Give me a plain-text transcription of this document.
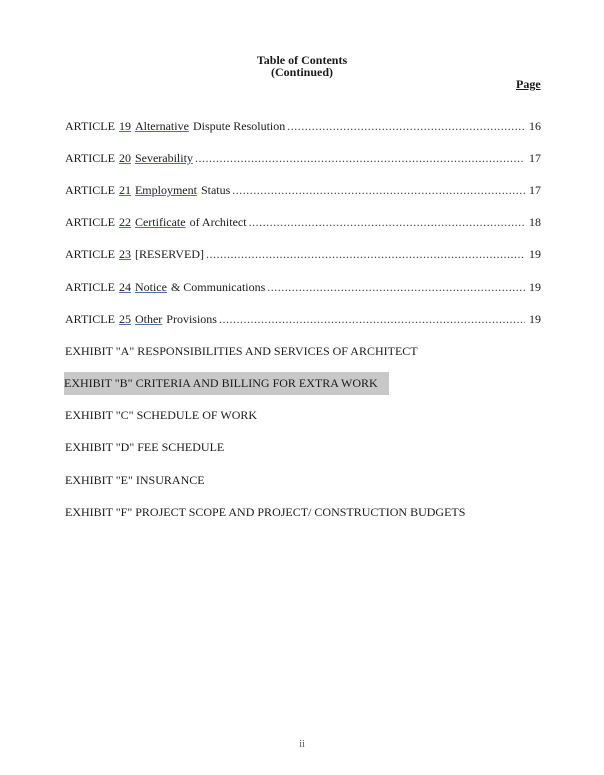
Table of Contents
(Continued)
Page
ARTICLE 19 Alternative Dispute Resolution .....	16
ARTICLE 20 Severability .....	17
ARTICLE 21 Employment Status .....	17
ARTICLE 22 Certificate of Architect .....	18
ARTICLE 23 [RESERVED] .....	19
ARTICLE 24 Notice & Communications .....	19
ARTICLE 25 Other Provisions .....	19
EXHIBIT "A" RESPONSIBILITIES AND SERVICES OF ARCHITECT
EXHIBIT "B" CRITERIA AND BILLING FOR EXTRA WORK
EXHIBIT "C" SCHEDULE OF WORK
EXHIBIT "D" FEE SCHEDULE
EXHIBIT "E" INSURANCE
EXHIBIT "F" PROJECT SCOPE AND PROJECT/ CONSTRUCTION BUDGETS
ii
